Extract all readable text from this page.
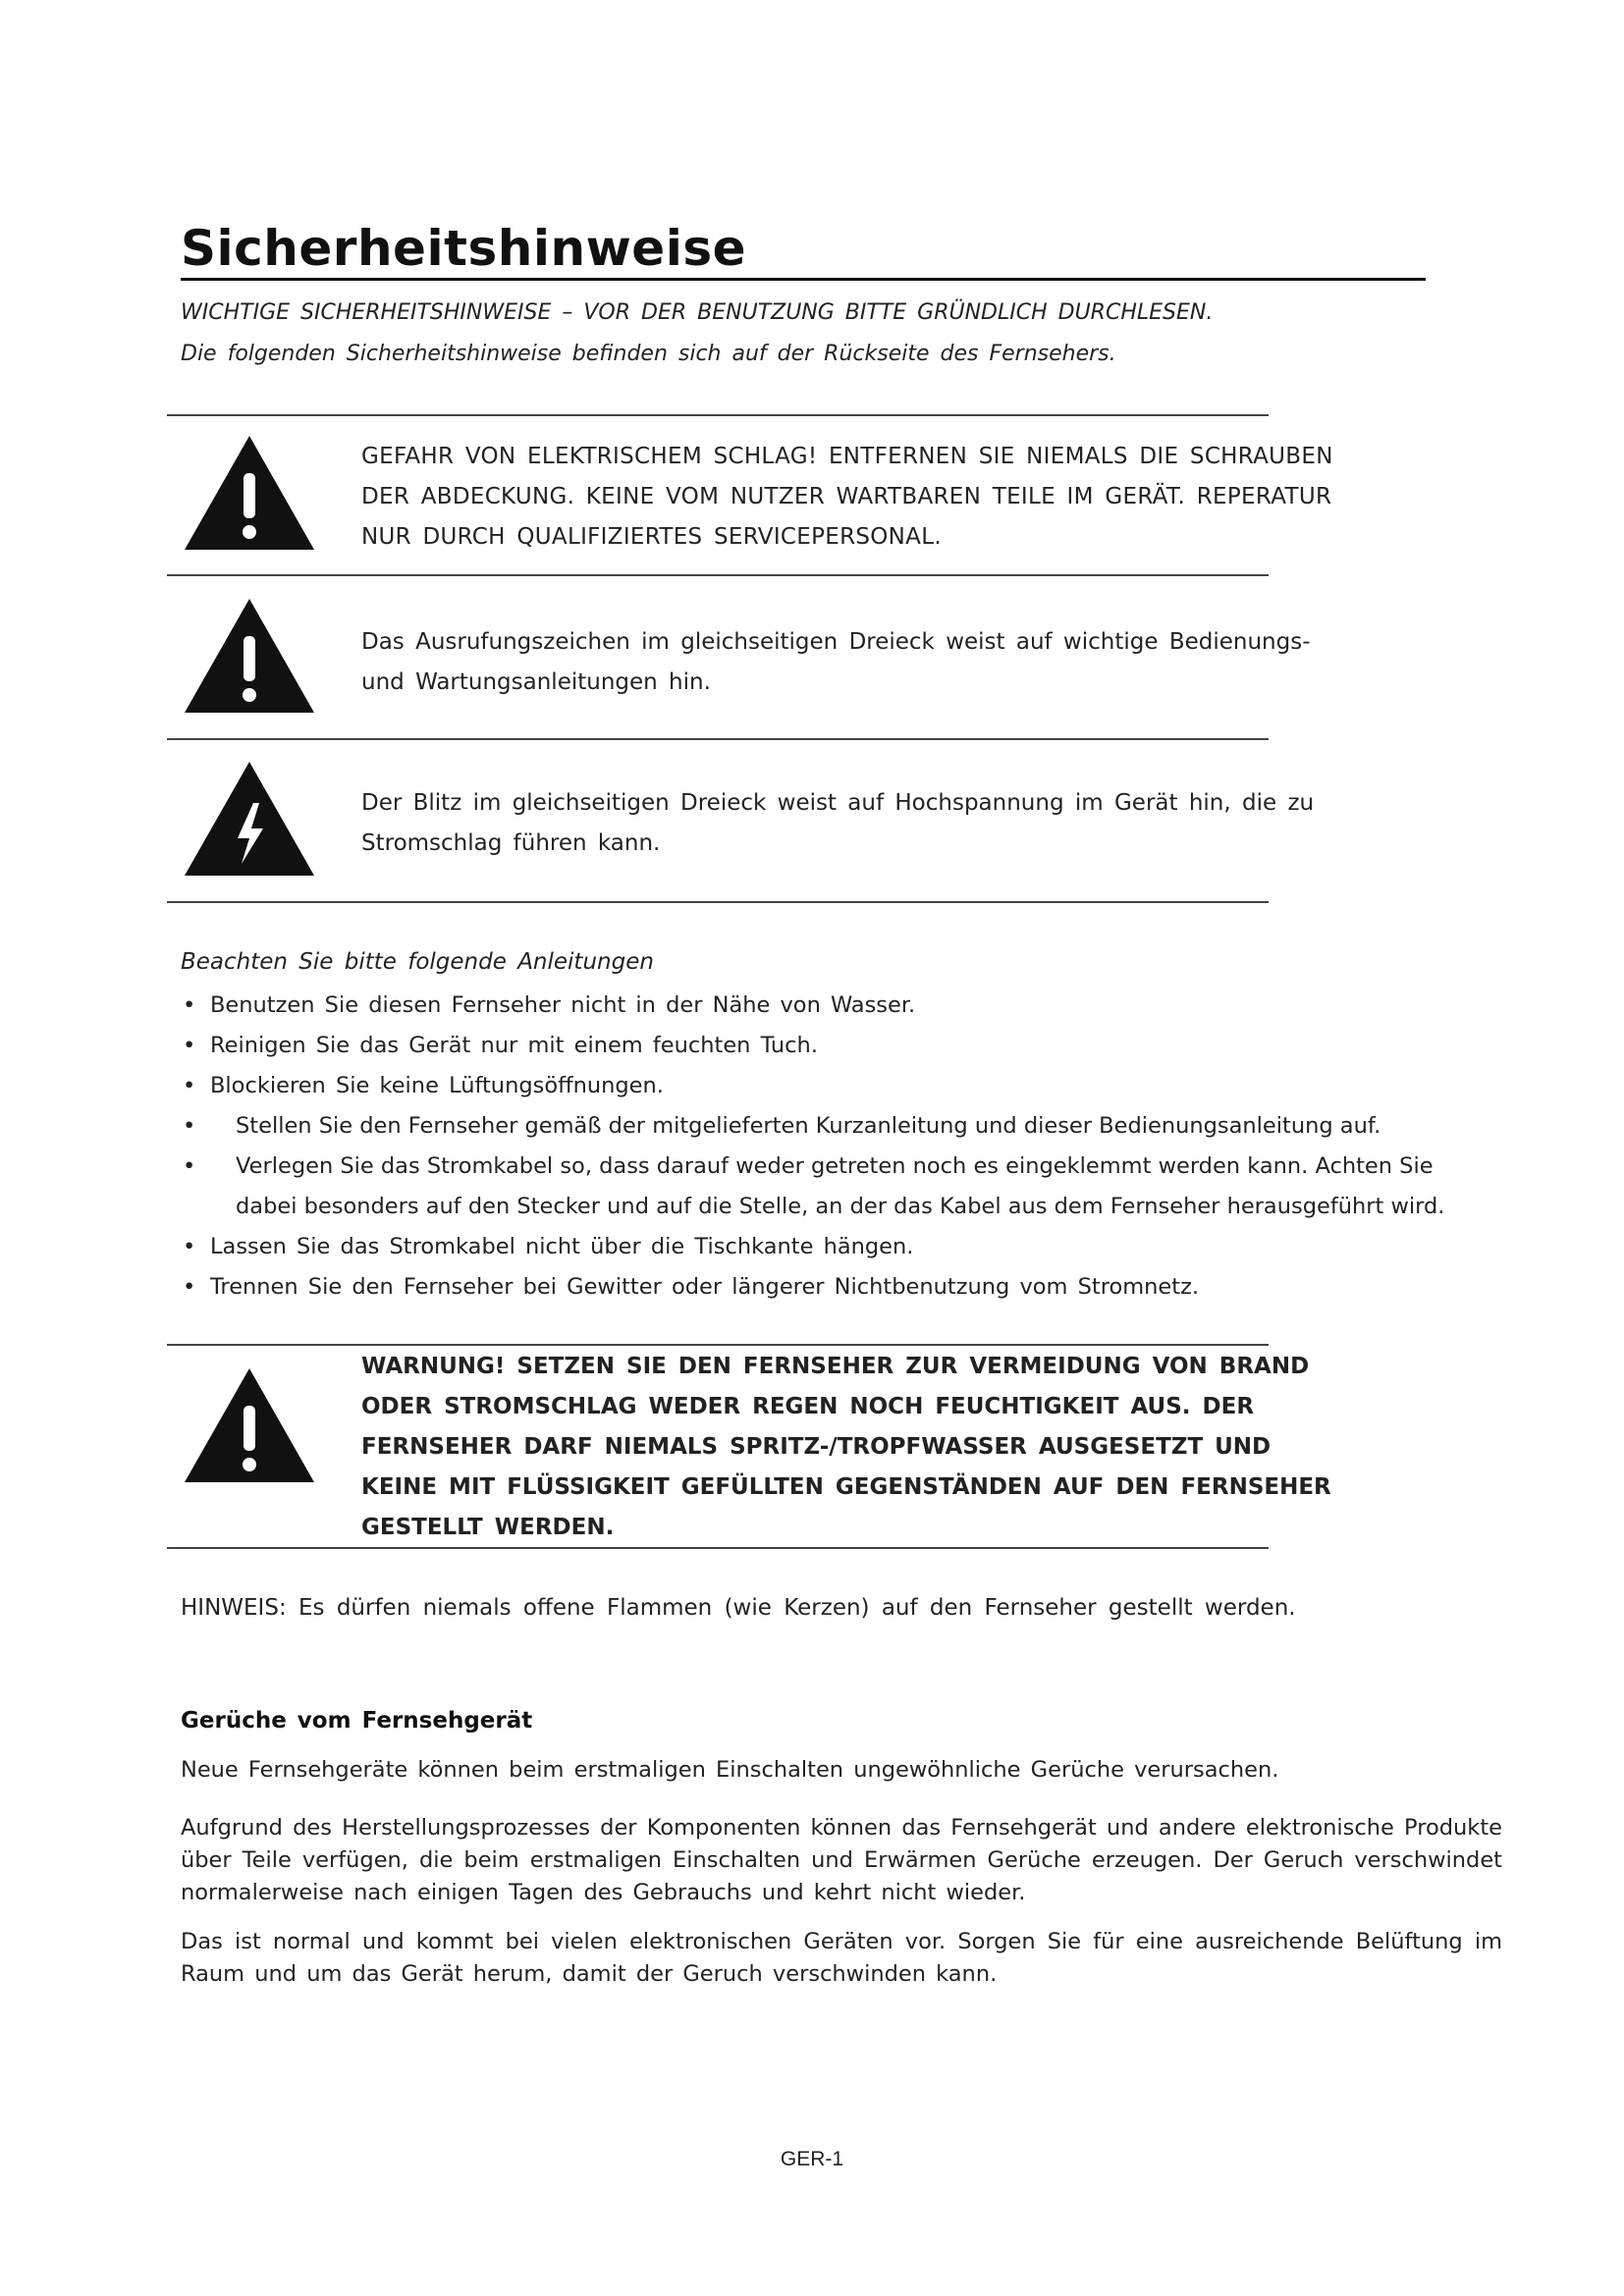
Sicherheitshinweise
WICHTIGE SICHERHEITSHINWEISE – VOR DER BENUTZUNG BITTE GRÜNDLICH DURCHLESEN.
Die folgenden Sicherheitshinweise befinden sich auf der Rückseite des Fernsehers.
GEFAHR VON ELEKTRISCHEM SCHLAG! ENTFERNEN SIE NIEMALS DIE SCHRAUBEN DER ABDECKUNG. KEINE VOM NUTZER WARTBAREN TEILE IM GERÄT. REPERATUR NUR DURCH QUALIFIZIERTES SERVICEPERSONAL.
Das Ausrufungszeichen im gleichseitigen Dreieck weist auf wichtige Bedienungs- und Wartungsanleitungen hin.
Der Blitz im gleichseitigen Dreieck weist auf Hochspannung im Gerät hin, die zu Stromschlag führen kann.
Beachten Sie bitte folgende Anleitungen
• Benutzen Sie diesen Fernseher nicht in der Nähe von Wasser.
• Reinigen Sie das Gerät nur mit einem feuchten Tuch.
• Blockieren Sie keine Lüftungsöffnungen.
• Stellen Sie den Fernseher gemäß der mitgelieferten Kurzanleitung und dieser Bedienungsanleitung auf.
• Verlegen Sie das Stromkabel so, dass darauf weder getreten noch es eingeklemmt werden kann. Achten Sie dabei besonders auf den Stecker und auf die Stelle, an der das Kabel aus dem Fernseher herausgeführt wird.
• Lassen Sie das Stromkabel nicht über die Tischkante hängen.
• Trennen Sie den Fernseher bei Gewitter oder längerer Nichtbenutzung vom Stromnetz.
WARNUNG! SETZEN SIE DEN FERNSEHER ZUR VERMEIDUNG VON BRAND ODER STROMSCHLAG WEDER REGEN NOCH FEUCHTIGKEIT AUS. DER FERNSEHER DARF NIEMALS SPRITZ-/TROPFWASSER AUSGESETZT UND KEINE MIT FLÜSSIGKEIT GEFÜLLTEN GEGENSTÄNDEN AUF DEN FERNSEHER GESTELLT WERDEN.
HINWEIS: Es dürfen niemals offene Flammen (wie Kerzen) auf den Fernseher gestellt werden.
Gerüche vom Fernsehgerät

Neue Fernsehgeräte können beim erstmaligen Einschalten ungewöhnliche Gerüche verursachen.

Aufgrund des Herstellungsprozesses der Komponenten können das Fernsehgerät und andere elektronische Produkte über Teile verfügen, die beim erstmaligen Einschalten und Erwärmen Gerüche erzeugen. Der Geruch verschwindet normalerweise nach einigen Tagen des Gebrauchs und kehrt nicht wieder.

Das ist normal und kommt bei vielen elektronischen Geräten vor. Sorgen Sie für eine ausreichende Belüftung im Raum und um das Gerät herum, damit der Geruch verschwinden kann.

GER-1
